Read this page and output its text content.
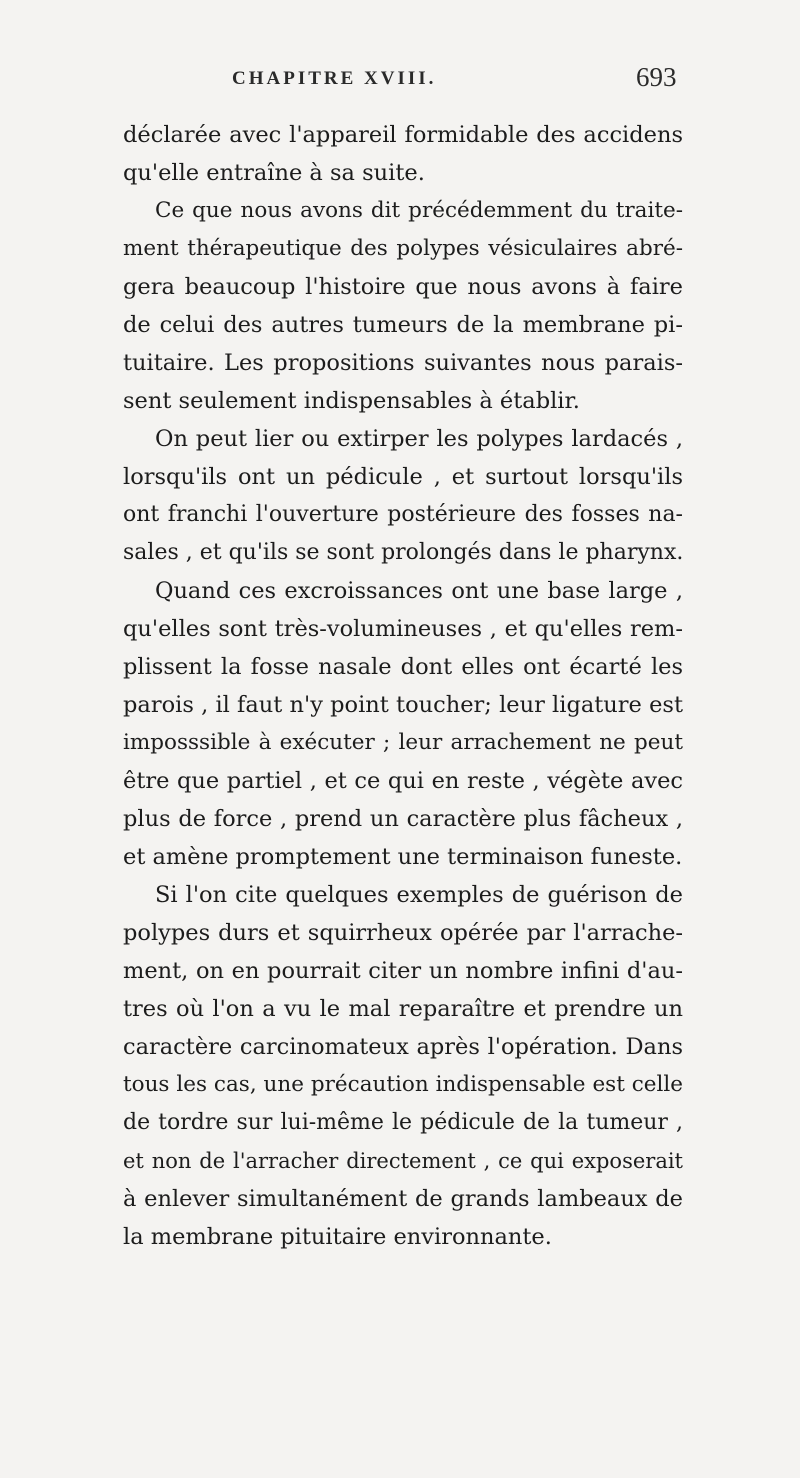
CHAPITRE XVIII.	693
déclarée avec l'appareil formidable des accidens
qu'elle entraîne à sa suite.
Ce que nous avons dit précédemment du traite-
ment thérapeutique des polypes vésiculaires abré-
gera beaucoup l'histoire que nous avons à faire
de celui des autres tumeurs de la membrane pi-
tuitaire. Les propositions suivantes nous parais-
sent seulement indispensables à établir.
On peut lier ou extirper les polypes lardacés ,
lorsqu'ils ont un pédicule , et surtout lorsqu'ils
ont franchi l'ouverture postérieure des fosses na-
sales , et qu'ils se sont prolongés dans le pharynx.
Quand ces excroissances ont une base large ,
qu'elles sont très-volumineuses , et qu'elles rem-
plissent la fosse nasale dont elles ont écarté les
parois , il faut n'y point toucher; leur ligature est
imposssible à exécuter ; leur arrachement ne peut
être que partiel , et ce qui en reste , végète avec
plus de force , prend un caractère plus fâcheux ,
et amène promptement une terminaison funeste.
Si l'on cite quelques exemples de guérison de
polypes durs et squirrheux opérée par l'arrache-
ment, on en pourrait citer un nombre infini d'au-
tres où l'on a vu le mal reparaître et prendre un
caractère carcinomateux après l'opération. Dans
tous les cas, une précaution indispensable est celle
de tordre sur lui-même le pédicule de la tumeur ,
et non de l'arracher directement , ce qui exposerait
à enlever simultanément de grands lambeaux de
la membrane pituitaire environnante.
